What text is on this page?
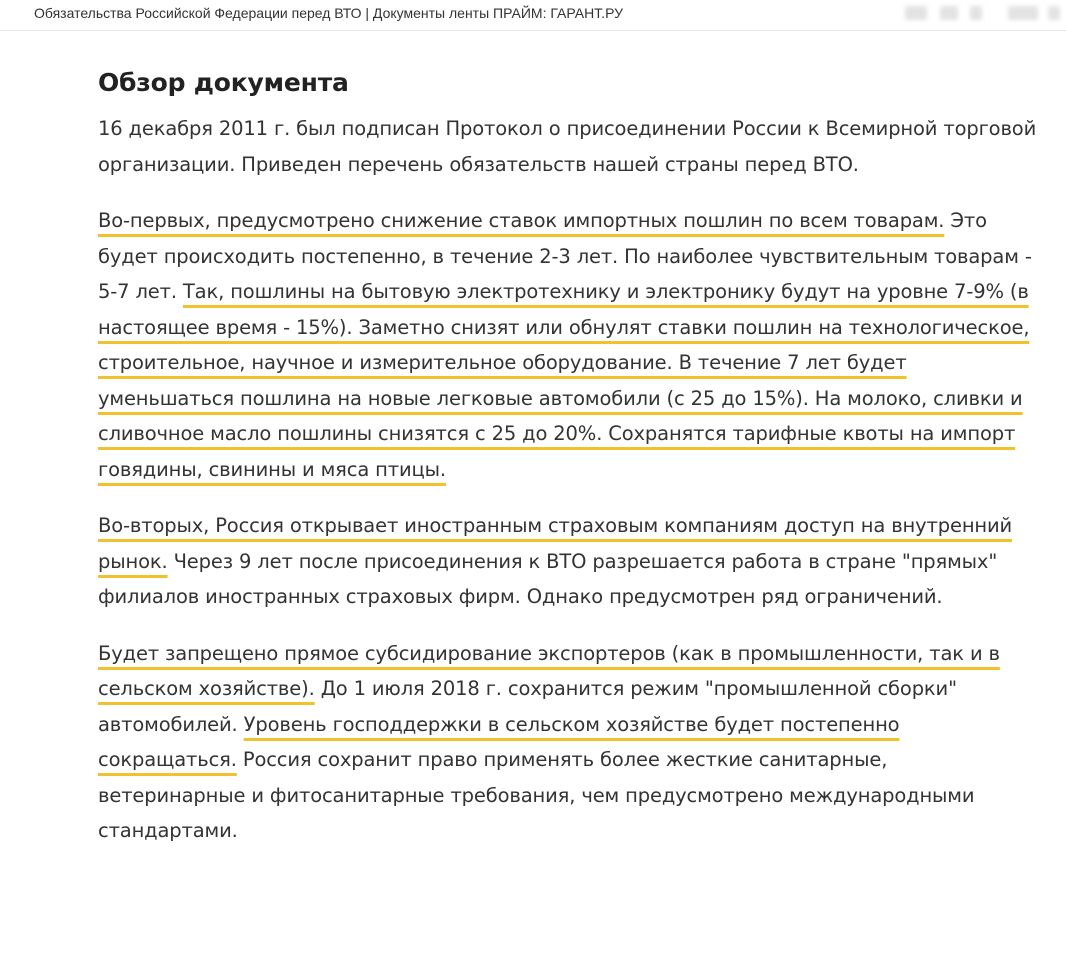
Обязательства Российской Федерации перед ВТО | Документы ленты ПРАЙМ: ГАРАНТ.РУ
Обзор документа

16 декабря 2011 г. был подписан Протокол о присоединении России к Всемирной торговой организации. Приведен перечень обязательств нашей страны перед ВТО.

Во-первых, предусмотрено снижение ставок импортных пошлин по всем товарам. Это будет происходить постепенно, в течение 2-3 лет. По наиболее чувствительным товарам - 5-7 лет. Так, пошлины на бытовую электротехнику и электронику будут на уровне 7-9% (в настоящее время - 15%). Заметно снизят или обнулят ставки пошлин на технологическое, строительное, научное и измерительное оборудование. В течение 7 лет будет уменьшаться пошлина на новые легковые автомобили (с 25 до 15%). На молоко, сливки и сливочное масло пошлины снизятся с 25 до 20%. Сохранятся тарифные квоты на импорт говядины, свинины и мяса птицы.

Во-вторых, Россия открывает иностранным страховым компаниям доступ на внутренний рынок. Через 9 лет после присоединения к ВТО разрешается работа в стране "прямых" филиалов иностранных страховых фирм. Однако предусмотрен ряд ограничений.

Будет запрещено прямое субсидирование экспортеров (как в промышленности, так и в сельском хозяйстве). До 1 июля 2018 г. сохранится режим "промышленной сборки" автомобилей. Уровень господдержки в сельском хозяйстве будет постепенно сокращаться. Россия сохранит право применять более жесткие санитарные, ветеринарные и фитосанитарные требования, чем предусмотрено международными стандартами.
